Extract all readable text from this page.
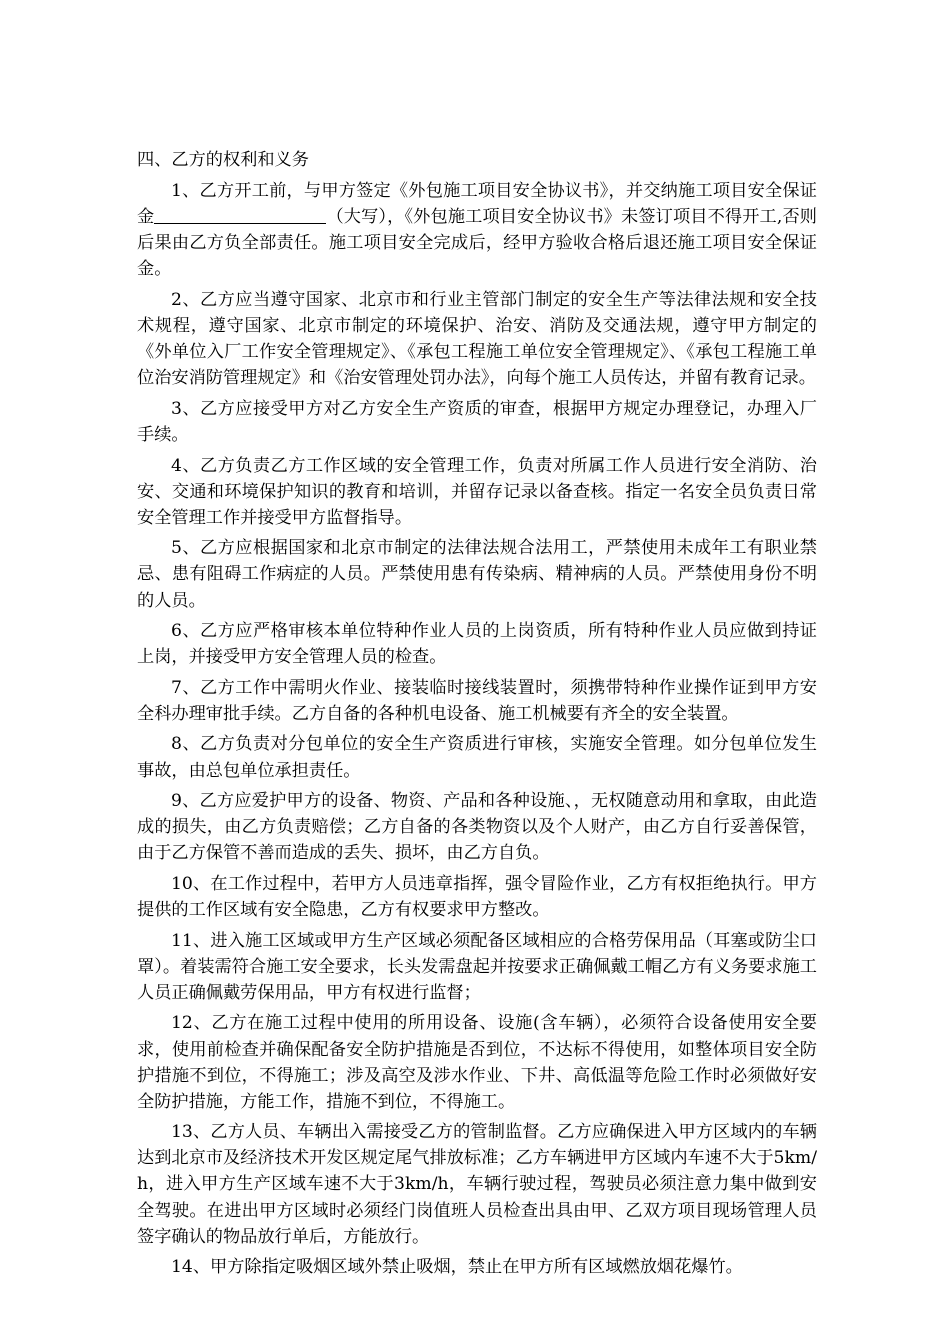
四、乙方的权利和义务

1、乙方开工前，与甲方签定《外包施工项目安全协议书》，并交纳施工项目安全保证金	（大写），《外包施工项目安全协议书》未签订项目不得开工,否则后果由乙方负全部责任。施工项目安全完成后，经甲方验收合格后退还施工项目安全保证金。

2、乙方应当遵守国家、北京市和行业主管部门制定的安全生产等法律法规和安全技术规程，遵守国家、北京市制定的环境保护、治安、消防及交通法规，遵守甲方制定的《外单位入厂工作安全管理规定》、《承包工程施工单位安全管理规定》、《承包工程施工单位治安消防管理规定》和《治安管理处罚办法》，向每个施工人员传达，并留有教育记录。

3、乙方应接受甲方对乙方安全生产资质的审查，根据甲方规定办理登记，办理入厂手续。

4、乙方负责乙方工作区域的安全管理工作，负责对所属工作人员进行安全消防、治安、交通和环境保护知识的教育和培训，并留存记录以备查核。指定一名安全员负责日常安全管理工作并接受甲方监督指导。

5、乙方应根据国家和北京市制定的法律法规合法用工，严禁使用未成年工有职业禁忌、患有阻碍工作病症的人员。严禁使用患有传染病、精神病的人员。严禁使用身份不明的人员。

6、乙方应严格审核本单位特种作业人员的上岗资质，所有特种作业人员应做到持证上岗，并接受甲方安全管理人员的检查。

7、乙方工作中需明火作业、接装临时接线装置时，须携带特种作业操作证到甲方安全科办理审批手续。乙方自备的各种机电设备、施工机械要有齐全的安全装置。

8、乙方负责对分包单位的安全生产资质进行审核，实施安全管理。如分包单位发生事故，由总包单位承担责任。

9、乙方应爱护甲方的设备、物资、产品和各种设施、，无权随意动用和拿取，由此造成的损失，由乙方负责赔偿；乙方自备的各类物资以及个人财产，由乙方自行妥善保管，由于乙方保管不善而造成的丢失、损坏，由乙方自负。

10、在工作过程中，若甲方人员违章指挥，强令冒险作业，乙方有权拒绝执行。甲方提供的工作区域有安全隐患，乙方有权要求甲方整改。

11、进入施工区域或甲方生产区域必须配备区域相应的合格劳保用品（耳塞或防尘口罩）。着装需符合施工安全要求，长头发需盘起并按要求正确佩戴工帽乙方有义务要求施工人员正确佩戴劳保用品，甲方有权进行监督；

12、乙方在施工过程中使用的所用设备、设施(含车辆），必须符合设备使用安全要求，使用前检查并确保配备安全防护措施是否到位，不达标不得使用，如整体项目安全防护措施不到位，不得施工；涉及高空及涉水作业、下井、高低温等危险工作时必须做好安全防护措施，方能工作，措施不到位，不得施工。

13、乙方人员、车辆出入需接受乙方的管制监督。乙方应确保进入甲方区域内的车辆达到北京市及经济技术开发区规定尾气排放标准；乙方车辆进甲方区域内车速不大于5km/h，进入甲方生产区域车速不大于3km/h，车辆行驶过程，驾驶员必须注意力集中做到安全驾驶。在进出甲方区域时必须经门岗值班人员检查出具由甲、乙双方项目现场管理人员签字确认的物品放行单后，方能放行。

14、甲方除指定吸烟区域外禁止吸烟，禁止在甲方所有区域燃放烟花爆竹。
